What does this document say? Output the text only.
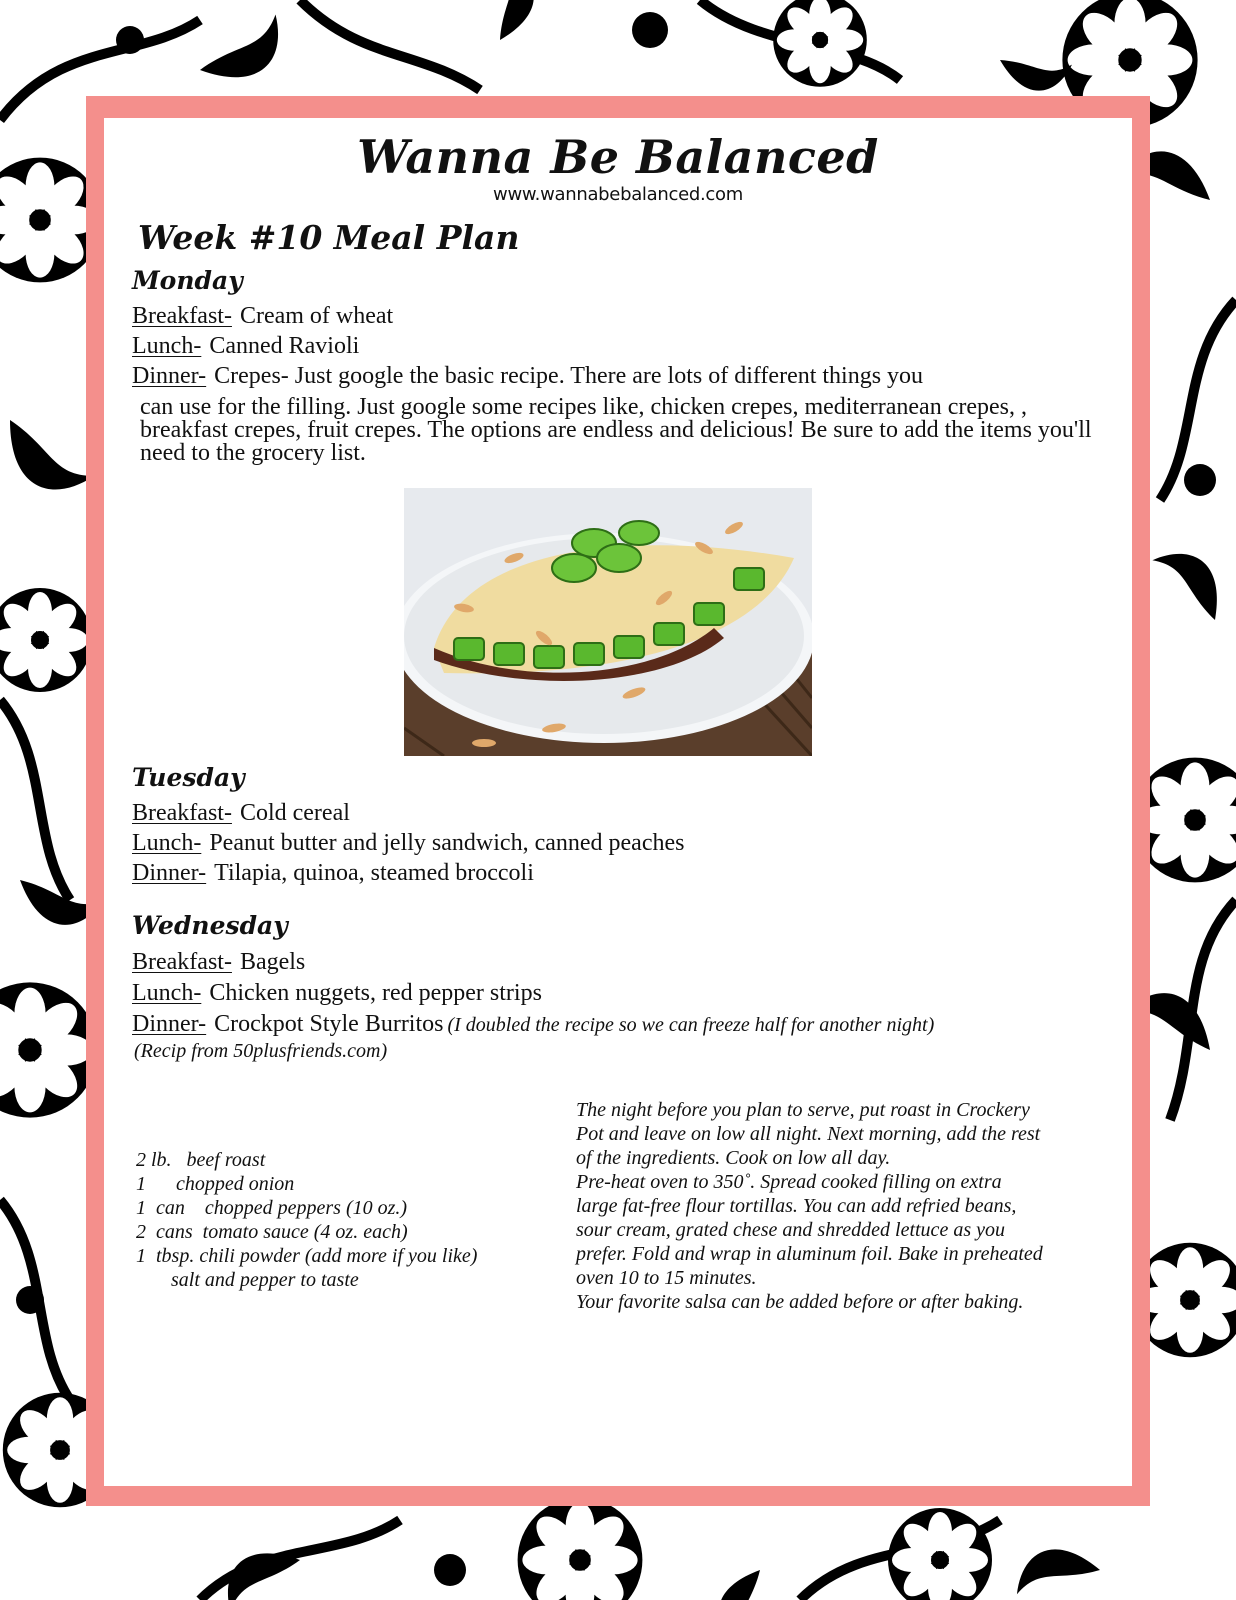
Wanna Be Balanced
www.wannabebalanced.com
Week #10 Meal Plan
Monday
Breakfast- Cream of wheat
Lunch- Canned Ravioli
Dinner- Crepes- Just google the basic recipe. There are lots of different things you
can use for the filling. Just google some recipes like, chicken crepes, mediterranean crepes, , breakfast crepes, fruit crepes. The options are endless and delicious! Be sure to add the items you'll need to the grocery list.
Tuesday
Breakfast- Cold cereal
Lunch- Peanut butter and jelly sandwich, canned peaches
Dinner- Tilapia, quinoa, steamed broccoli
Wednesday
Breakfast- Bagels
Lunch- Chicken nuggets, red pepper strips
Dinner- Crockpot Style Burritos (I doubled the recipe so we can freeze half for another night)
(Recip from 50plusfriends.com)
2 lb.   beef roast
1      chopped onion
1  can    chopped peppers (10 oz.)
2  cans  tomato sauce (4 oz. each)
1  tbsp. chili powder (add more if you like)
salt and pepper to taste

The night before you plan to serve, put roast in Crockery Pot and leave on low all night. Next morning, add the rest of the ingredients. Cook on low all day.

Pre-heat oven to 350˚. Spread cooked filling on extra large fat-free flour tortillas. You can add refried beans, sour cream, grated chese and shredded lettuce as you prefer. Fold and wrap in aluminum foil. Bake in preheated oven 10 to 15 minutes.

Your favorite salsa can be added before or after baking.
